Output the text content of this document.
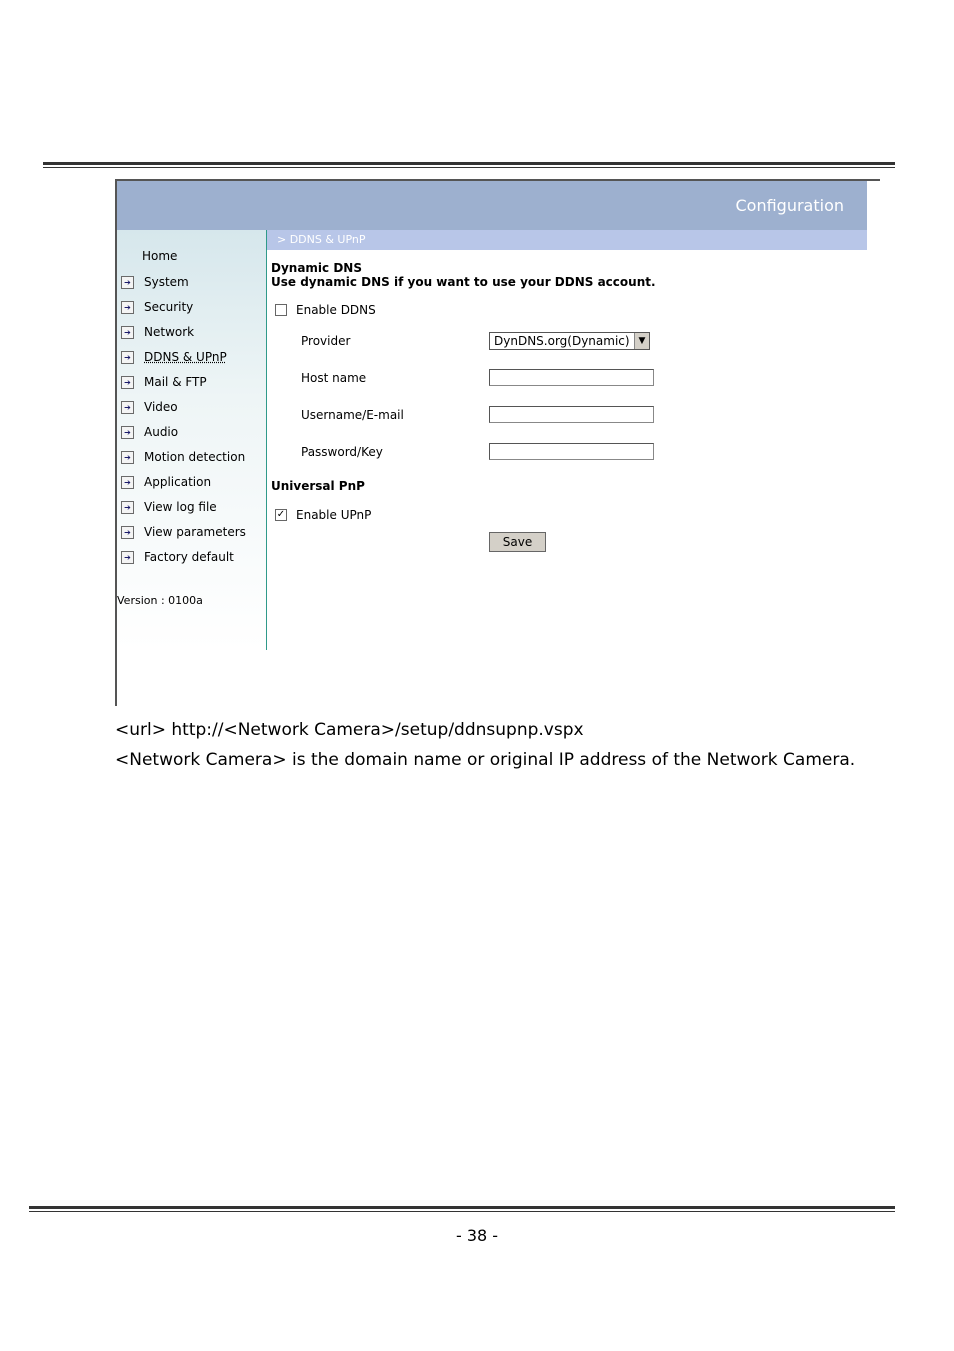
Configuration
Home
➔ System
➔ Security
➔ Network
➔ DDNS & UPnP
➔ Mail & FTP
➔ Video
➔ Audio
➔ Motion detection
➔ Application
➔ View log file
➔ View parameters
➔ Factory default
Version : 0100a
> DDNS & UPnP
Dynamic DNS
Use dynamic DNS if you want to use your DDNS account.
Enable DDNS
Provider	DynDNS.org(Dynamic) ▼
Host name
Username/E-mail
Password/Key
Universal PnP
✓ Enable UPnP
Save
<url> http://<Network Camera>/setup/ddnsupnp.vspx
<Network Camera> is the domain name or original IP address of the Network Camera.
- 38 -
